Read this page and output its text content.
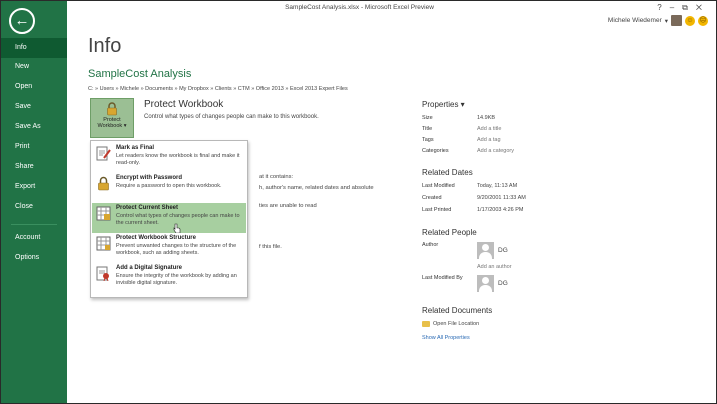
←
Info
New
Open
Save
Save As
Print
Share
Export
Close
Account
Options
SampleCost Analysis.xlsx - Microsoft Excel Preview	?–⧉✕
Michele Wiedemer ▾	☺ ☹
Info
SampleCost Analysis
C: » Users » Michele » Documents » My Dropbox » Clients » CTM » Office 2013 » Excel 2013 Expert Files
Protect
Workbook ▾
Protect Workbook
Control what types of changes people can make to this workbook.
at it contains:
h, author's name, related dates and absolute
ties are unable to read
f this file.
Mark as Final
Let readers know the workbook is final and make it read-only.
Encrypt with Password
Require a password to open this workbook.
Protect Current Sheet
Control what types of changes people can make to the current sheet.
Protect Workbook Structure
Prevent unwanted changes to the structure of the workbook, such as adding sheets.
Add a Digital Signature
Ensure the integrity of the workbook by adding an invisible digital signature.
Properties ▾
Size	14.9KB
Title	Add a title
Tags	Add a tag
Categories	Add a category
Related Dates
Last Modified	Today, 11:13 AM
Created	9/20/2001 11:33 AM
Last Printed	1/17/2003 4:26 PM
Related People
Author
DG
Add an author
Last Modified By
DG
Related Documents
Open File Location
Show All Properties
